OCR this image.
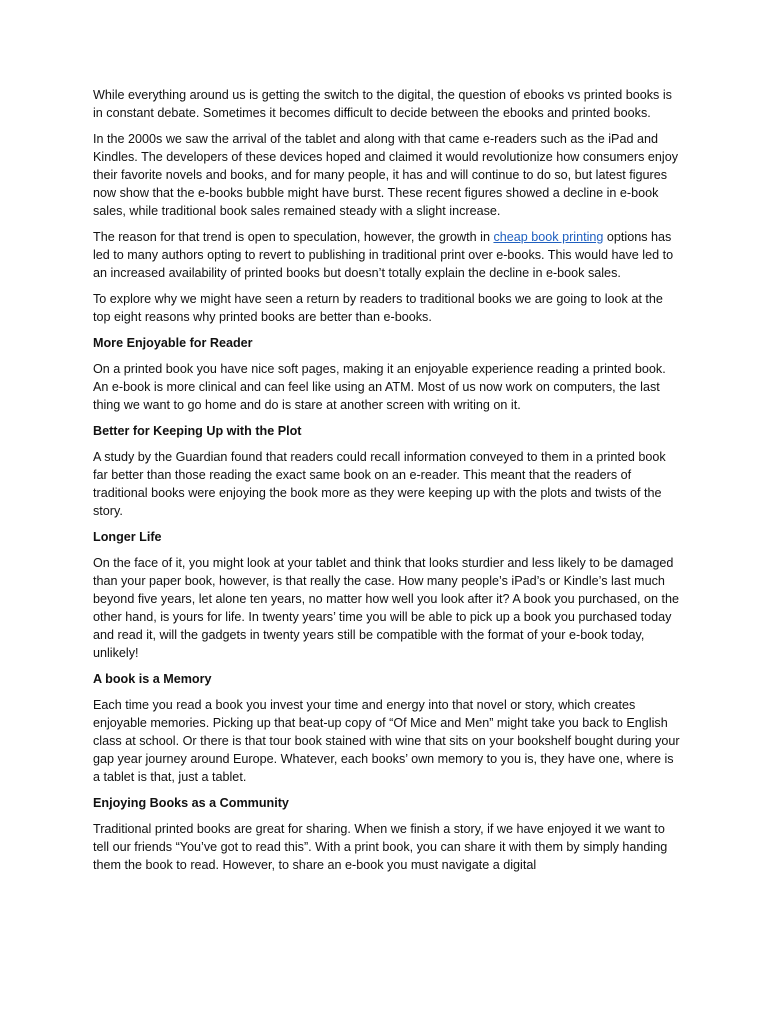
While everything around us is getting the switch to the digital, the question of ebooks vs printed books is in constant debate. Sometimes it becomes difficult to decide between the ebooks and printed books.

In the 2000s we saw the arrival of the tablet and along with that came e-readers such as the iPad and Kindles. The developers of these devices hoped and claimed it would revolutionize how consumers enjoy their favorite novels and books, and for many people, it has and will continue to do so, but latest figures now show that the e-books bubble might have burst. These recent figures showed a decline in e-book sales, while traditional book sales remained steady with a slight increase.

The reason for that trend is open to speculation, however, the growth in cheap book printing options has led to many authors opting to revert to publishing in traditional print over e-books. This would have led to an increased availability of printed books but doesn’t totally explain the decline in e-book sales.

To explore why we might have seen a return by readers to traditional books we are going to look at the top eight reasons why printed books are better than e-books.

More Enjoyable for Reader

On a printed book you have nice soft pages, making it an enjoyable experience reading a printed book. An e-book is more clinical and can feel like using an ATM. Most of us now work on computers, the last thing we want to go home and do is stare at another screen with writing on it.

Better for Keeping Up with the Plot

A study by the Guardian found that readers could recall information conveyed to them in a printed book far better than those reading the exact same book on an e-reader. This meant that the readers of traditional books were enjoying the book more as they were keeping up with the plots and twists of the story.

Longer Life

On the face of it, you might look at your tablet and think that looks sturdier and less likely to be damaged than your paper book, however, is that really the case. How many people’s iPad’s or Kindle’s last much beyond five years, let alone ten years, no matter how well you look after it? A book you purchased, on the other hand, is yours for life. In twenty years’ time you will be able to pick up a book you purchased today and read it, will the gadgets in twenty years still be compatible with the format of your e-book today, unlikely!

A book is a Memory

Each time you read a book you invest your time and energy into that novel or story, which creates enjoyable memories. Picking up that beat-up copy of “Of Mice and Men” might take you back to English class at school. Or there is that tour book stained with wine that sits on your bookshelf bought during your gap year journey around Europe. Whatever, each books’ own memory to you is, they have one, where is a tablet is that, just a tablet.

Enjoying Books as a Community

Traditional printed books are great for sharing. When we finish a story, if we have enjoyed it we want to tell our friends “You’ve got to read this”. With a print book, you can share it with them by simply handing them the book to read. However, to share an e-book you must navigate a digital
